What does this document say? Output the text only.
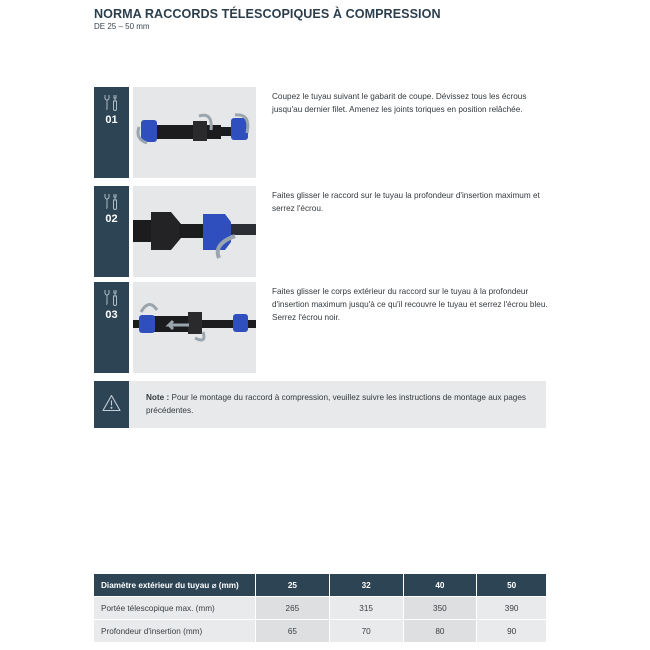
NORMA RACCORDS TÉLESCOPIQUES À COMPRESSION
DE 25 – 50 mm
01
Coupez le tuyau suivant le gabarit de coupe. Dévissez tous les écrous jusqu'au dernier filet. Amenez les joints toriques en position relâchée.
02
Faites glisser le raccord sur le tuyau la profondeur d'insertion maximum et serrez l'écrou.
03
Faites glisser le corps extérieur du raccord sur le tuyau à la profondeur d'insertion maximum jusqu'à ce qu'il recouvre le tuyau et serrez l'écrou bleu. Serrez l'écrou noir.
Note : Pour le montage du raccord à compression, veuillez suivre les instructions de montage aux pages précédentes.
Diamètre extérieur du tuyau ⌀ (mm)	25	32	40	50
Portée télescopique max. (mm)	265	315	350	390
Profondeur d'insertion (mm)	65	70	80	90
